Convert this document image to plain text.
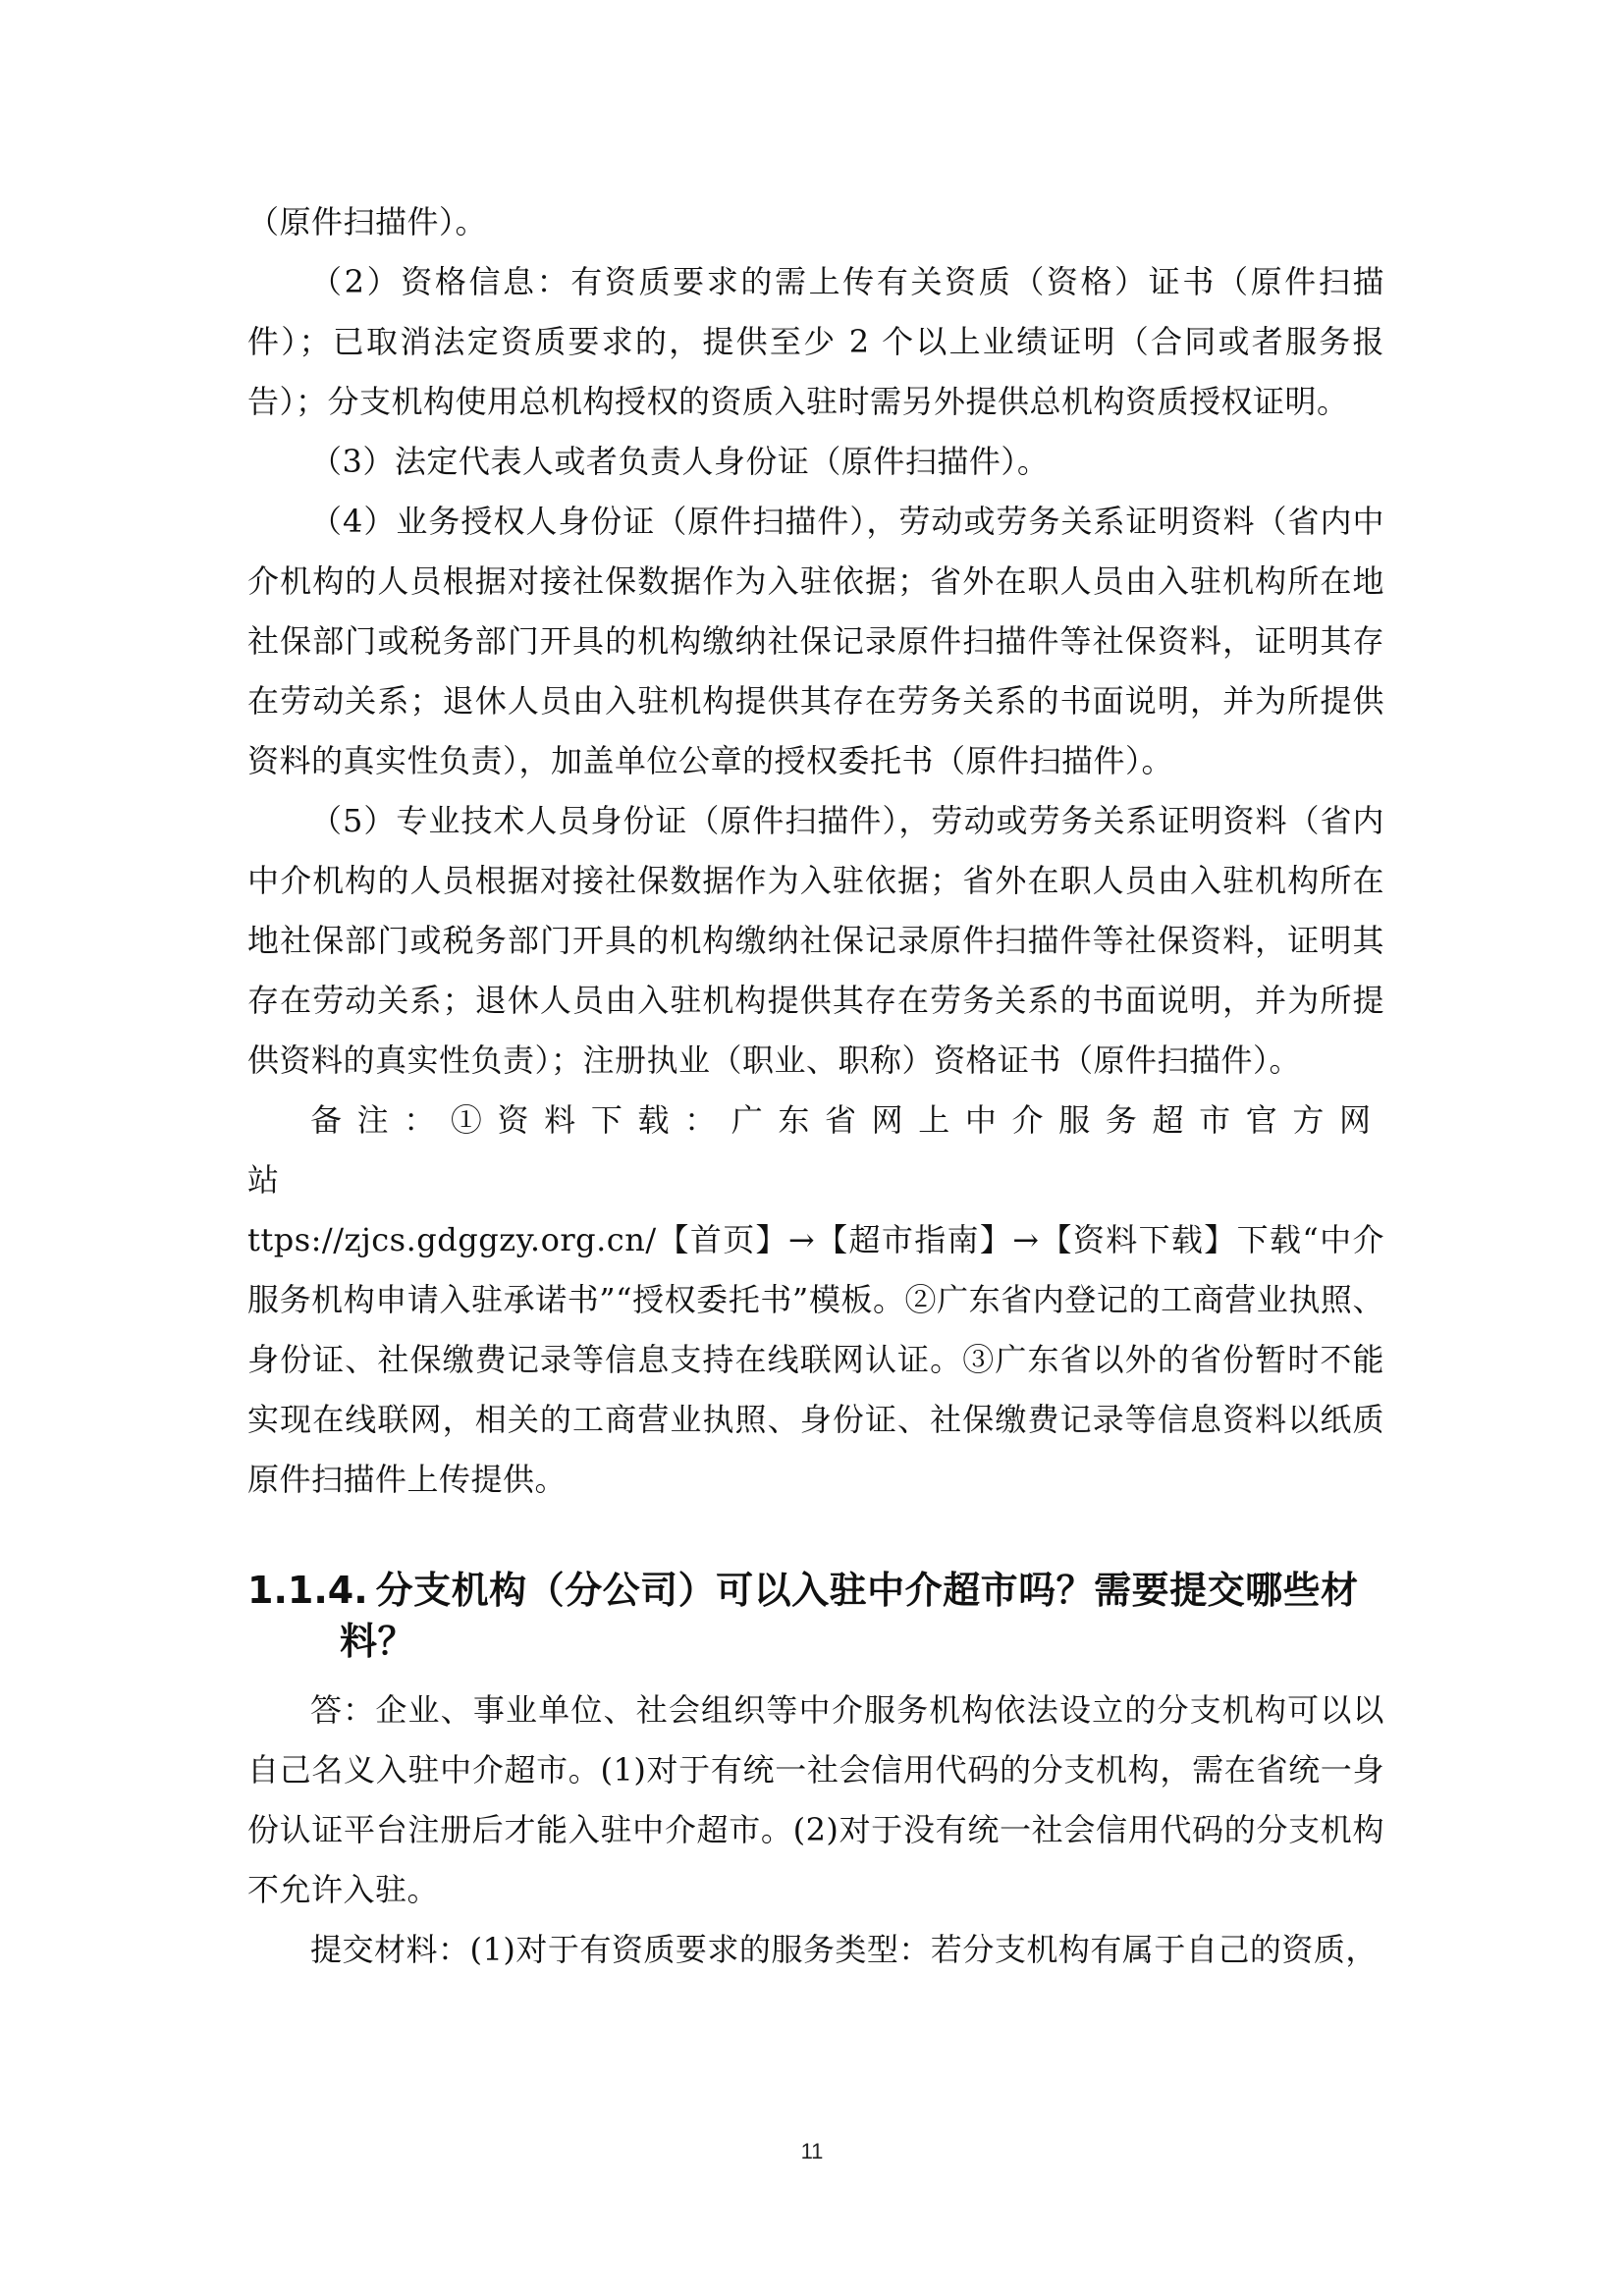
（原件扫描件）。

（2）资格信息：有资质要求的需上传有关资质（资格）证书（原件扫描件）；已取消法定资质要求的，提供至少 2 个以上业绩证明（合同或者服务报告）；分支机构使用总机构授权的资质入驻时需另外提供总机构资质授权证明。

（3）法定代表人或者负责人身份证（原件扫描件）。

（4）业务授权人身份证（原件扫描件），劳动或劳务关系证明资料（省内中介机构的人员根据对接社保数据作为入驻依据；省外在职人员由入驻机构所在地社保部门或税务部门开具的机构缴纳社保记录原件扫描件等社保资料，证明其存在劳动关系；退休人员由入驻机构提供其存在劳务关系的书面说明，并为所提供资料的真实性负责），加盖单位公章的授权委托书（原件扫描件）。

（5）专业技术人员身份证（原件扫描件），劳动或劳务关系证明资料（省内中介机构的人员根据对接社保数据作为入驻依据；省外在职人员由入驻机构所在地社保部门或税务部门开具的机构缴纳社保记录原件扫描件等社保资料，证明其存在劳动关系；退休人员由入驻机构提供其存在劳务关系的书面说明，并为所提供资料的真实性负责）；注册执业（职业、职称）资格证书（原件扫描件）。

备注：①资料下载：广东省网上中介服务超市官方网站
ttps://zjcs.gdggzy.org.cn/【首页】→【超市指南】→【资料下载】下载“中介服务机构申请入驻承诺书”“授权委托书”模板。②广东省内登记的工商营业执照、身份证、社保缴费记录等信息支持在线联网认证。③广东省以外的省份暂时不能实现在线联网，相关的工商营业执照、身份证、社保缴费记录等信息资料以纸质原件扫描件上传提供。

1.1.4. 分支机构（分公司）可以入驻中介超市吗？需要提交哪些材料？

答：企业、事业单位、社会组织等中介服务机构依法设立的分支机构可以以自己名义入驻中介超市。(1)对于有统一社会信用代码的分支机构，需在省统一身份认证平台注册后才能入驻中介超市。(2)对于没有统一社会信用代码的分支机构不允许入驻。

提交材料：(1)对于有资质要求的服务类型：若分支机构有属于自己的资质，

11
